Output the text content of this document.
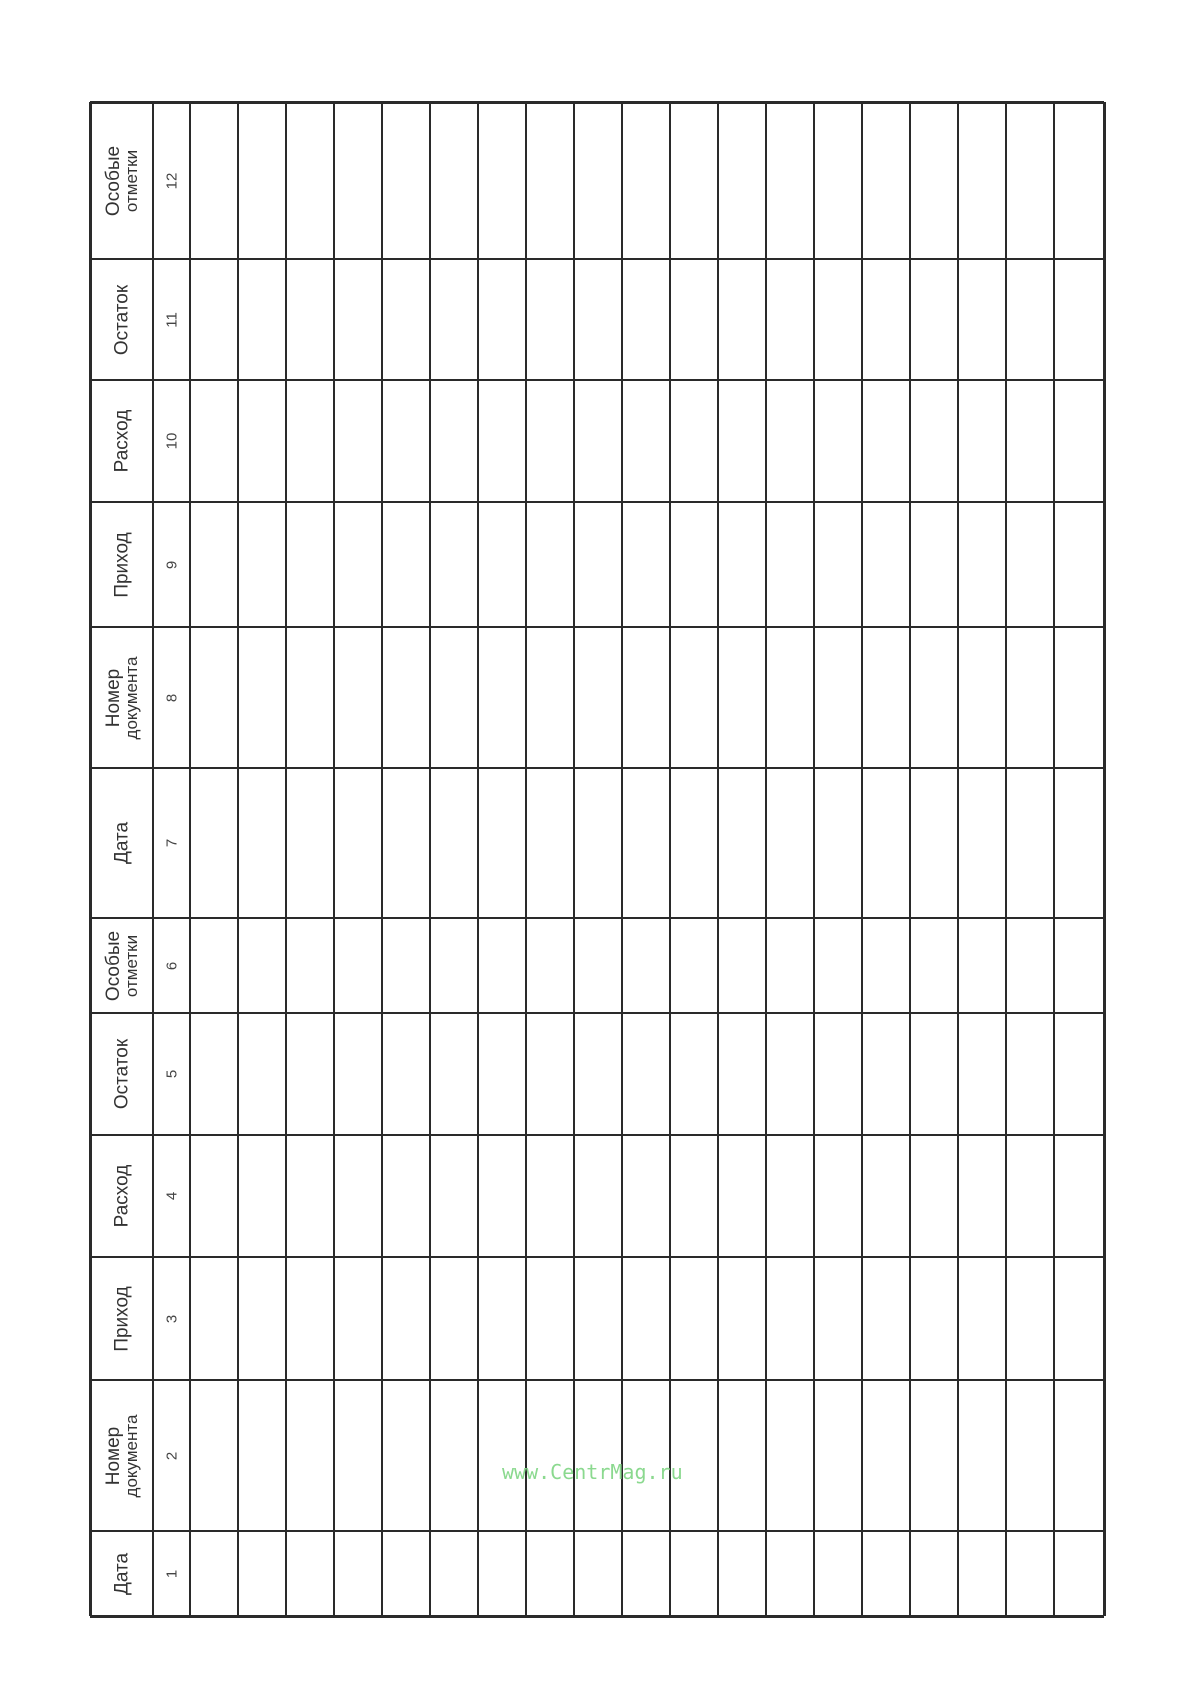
Дата 1
Номер
документа 2
Приход 3
Расход 4
Остаток 5
Особые
отметки 6
Дата 7
Номер
документа 8
Приход 9
Расход 10
Остаток 11
Особые
отметки 12
www.CentrMag.ru
